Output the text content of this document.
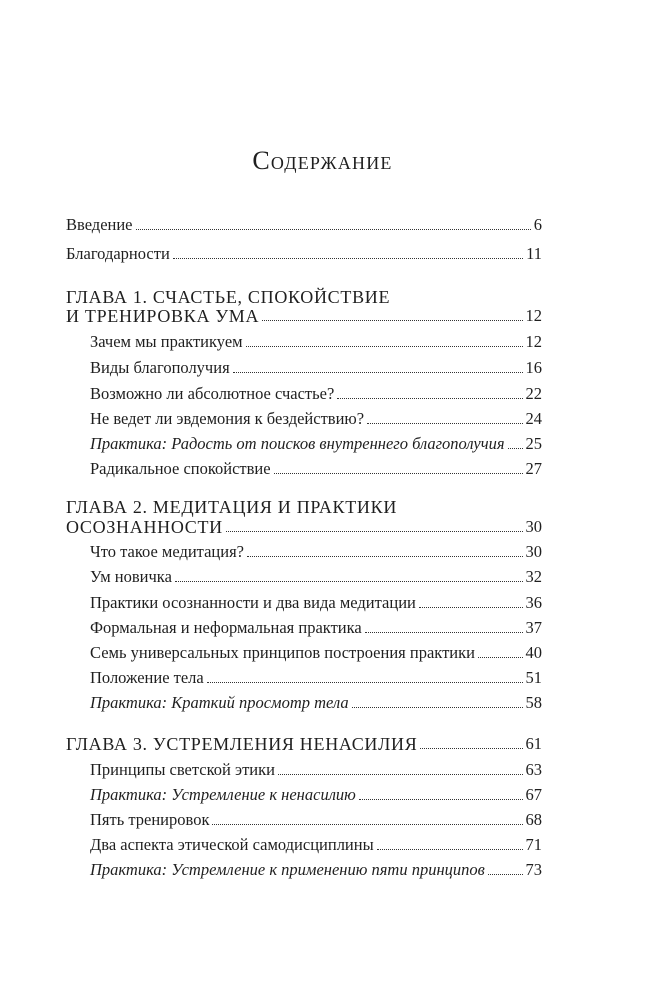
Содержание
Введение	6
Благодарности	11
ГЛАВА 1. СЧАСТЬЕ, СПОКОЙСТВИЕ
И ТРЕНИРОВКА УМА	12
Зачем мы практикуем	12
Виды благополучия	16
Возможно ли абсолютное счастье?	22
Не ведет ли эвдемония к бездействию?	24
Практика: Радость от поисков внутреннего благополучия 25
Радикальное спокойствие	27
ГЛАВА 2. МЕДИТАЦИЯ И ПРАКТИКИ
ОСОЗНАННОСТИ	30
Что такое медитация?	30
Ум новичка	32
Практики осознанности и два вида медитации	36
Формальная и неформальная практика	37
Семь универсальных принципов построения практики	40
Положение тела	51
Практика: Краткий просмотр тела	58
ГЛАВА 3. УСТРЕМЛЕНИЯ НЕНАСИЛИЯ	61
Принципы светской этики	63
Практика: Устремление к ненасилию	67
Пять тренировок	68
Два аспекта этической самодисциплины	71
Практика: Устремление к применению пяти принципов 73
